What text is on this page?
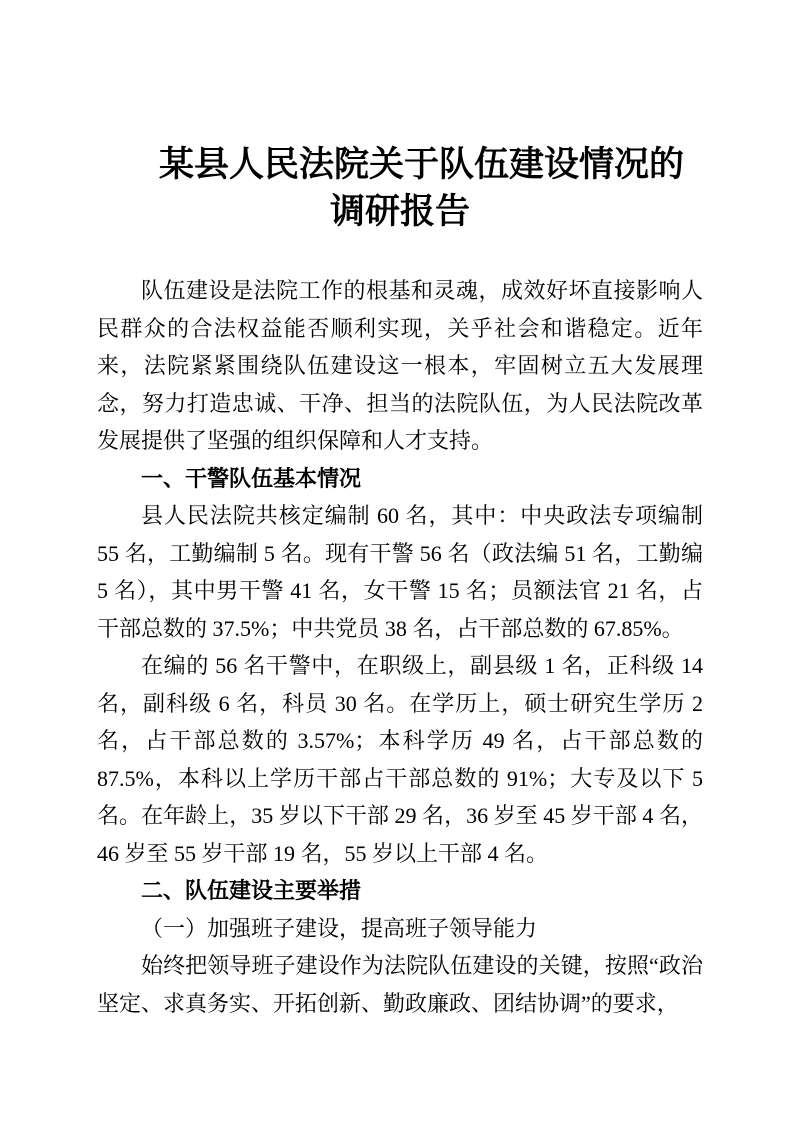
某县人民法院关于队伍建设情况的
调研报告

队伍建设是法院工作的根基和灵魂，成效好坏直接影响人民群众的合法权益能否顺利实现，关乎社会和谐稳定。近年来，法院紧紧围绕队伍建设这一根本，牢固树立五大发展理念，努力打造忠诚、干净、担当的法院队伍，为人民法院改革发展提供了坚强的组织保障和人才支持。

一、干警队伍基本情况

县人民法院共核定编制 60 名，其中：中央政法专项编制 55 名，工勤编制 5 名。现有干警 56 名（政法编 51 名，工勤编 5 名），其中男干警 41 名，女干警 15 名；员额法官 21 名，占干部总数的 37.5%；中共党员 38 名，占干部总数的 67.85%。

在编的 56 名干警中，在职级上，副县级 1 名，正科级 14 名，副科级 6 名，科员 30 名。在学历上，硕士研究生学历 2 名，占干部总数的 3.57%；本科学历 49 名，占干部总数的 87.5%，本科以上学历干部占干部总数的 91%；大专及以下 5 名。在年龄上，35 岁以下干部 29 名，36 岁至 45 岁干部 4 名，46 岁至 55 岁干部 19 名，55 岁以上干部 4 名。

二、队伍建设主要举措

（一）加强班子建设，提高班子领导能力

始终把领导班子建设作为法院队伍建设的关键，按照“政治坚定、求真务实、开拓创新、勤政廉政、团结协调”的要求，
